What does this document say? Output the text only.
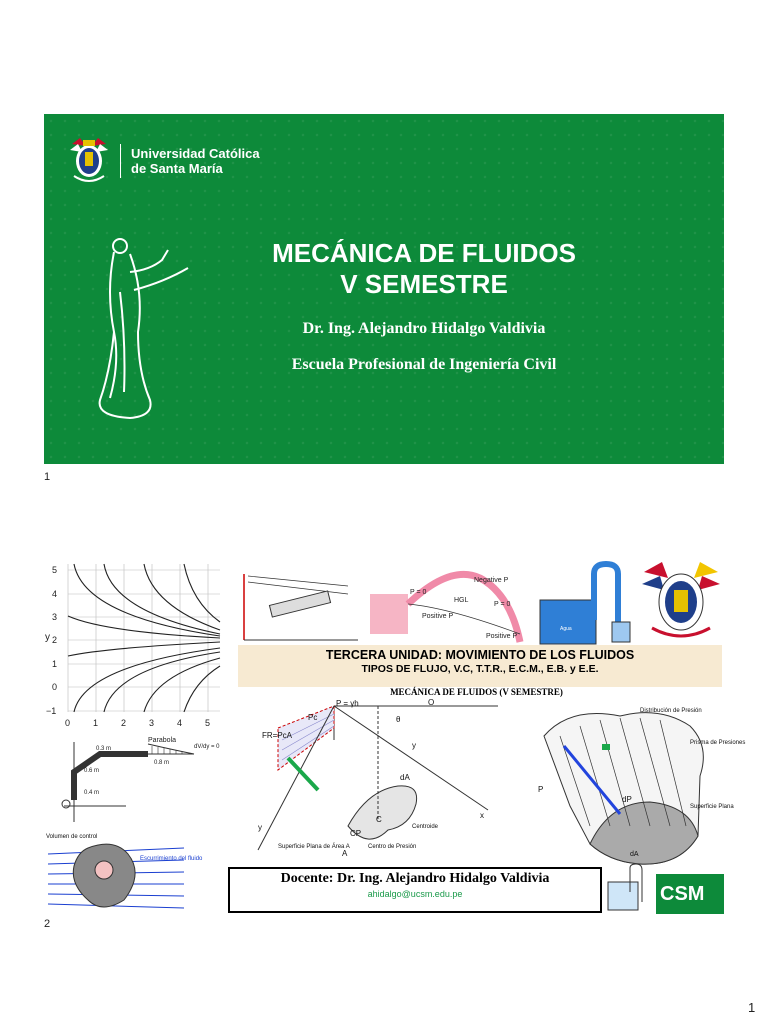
Universidad Católica
de Santa María
MECÁNICA DE FLUIDOS
V SEMESTRE
Dr. Ing. Alejandro Hidalgo Valdivia
Escuela Profesional de Ingeniería Civil
1
5
4
3
2
1
0
−1
y
0	1	2	3	4	5
Parabola
0.3 m
0.6 m
0.8 m
0.4 m
dV/dy = 0
Volumen de control
Escurrimiento del fluido
Negative P
HGL
P = 0
P = 0
Positive P
Positive P
Agua
TERCERA UNIDAD: MOVIMIENTO DE LOS FLUIDOS
TIPOS DE FLUJO, V.C, T.T.R., E.C.M., E.B. y E.E.
MECÁNICA DE FLUIDOS (V SEMESTRE)
P = γh	O
Pc
FR=PcA
θ
y
dA
C
CP
A
x
y	Centroide
Centro de Presión
Superficie Plana de Área A
Distribución de Presión
Prisma de Presiones
Superficie Plana
P
dP
dA
Docente: Dr. Ing. Alejandro Hidalgo Valdivia
ahidalgo@ucsm.edu.pe	CSM
2
1
